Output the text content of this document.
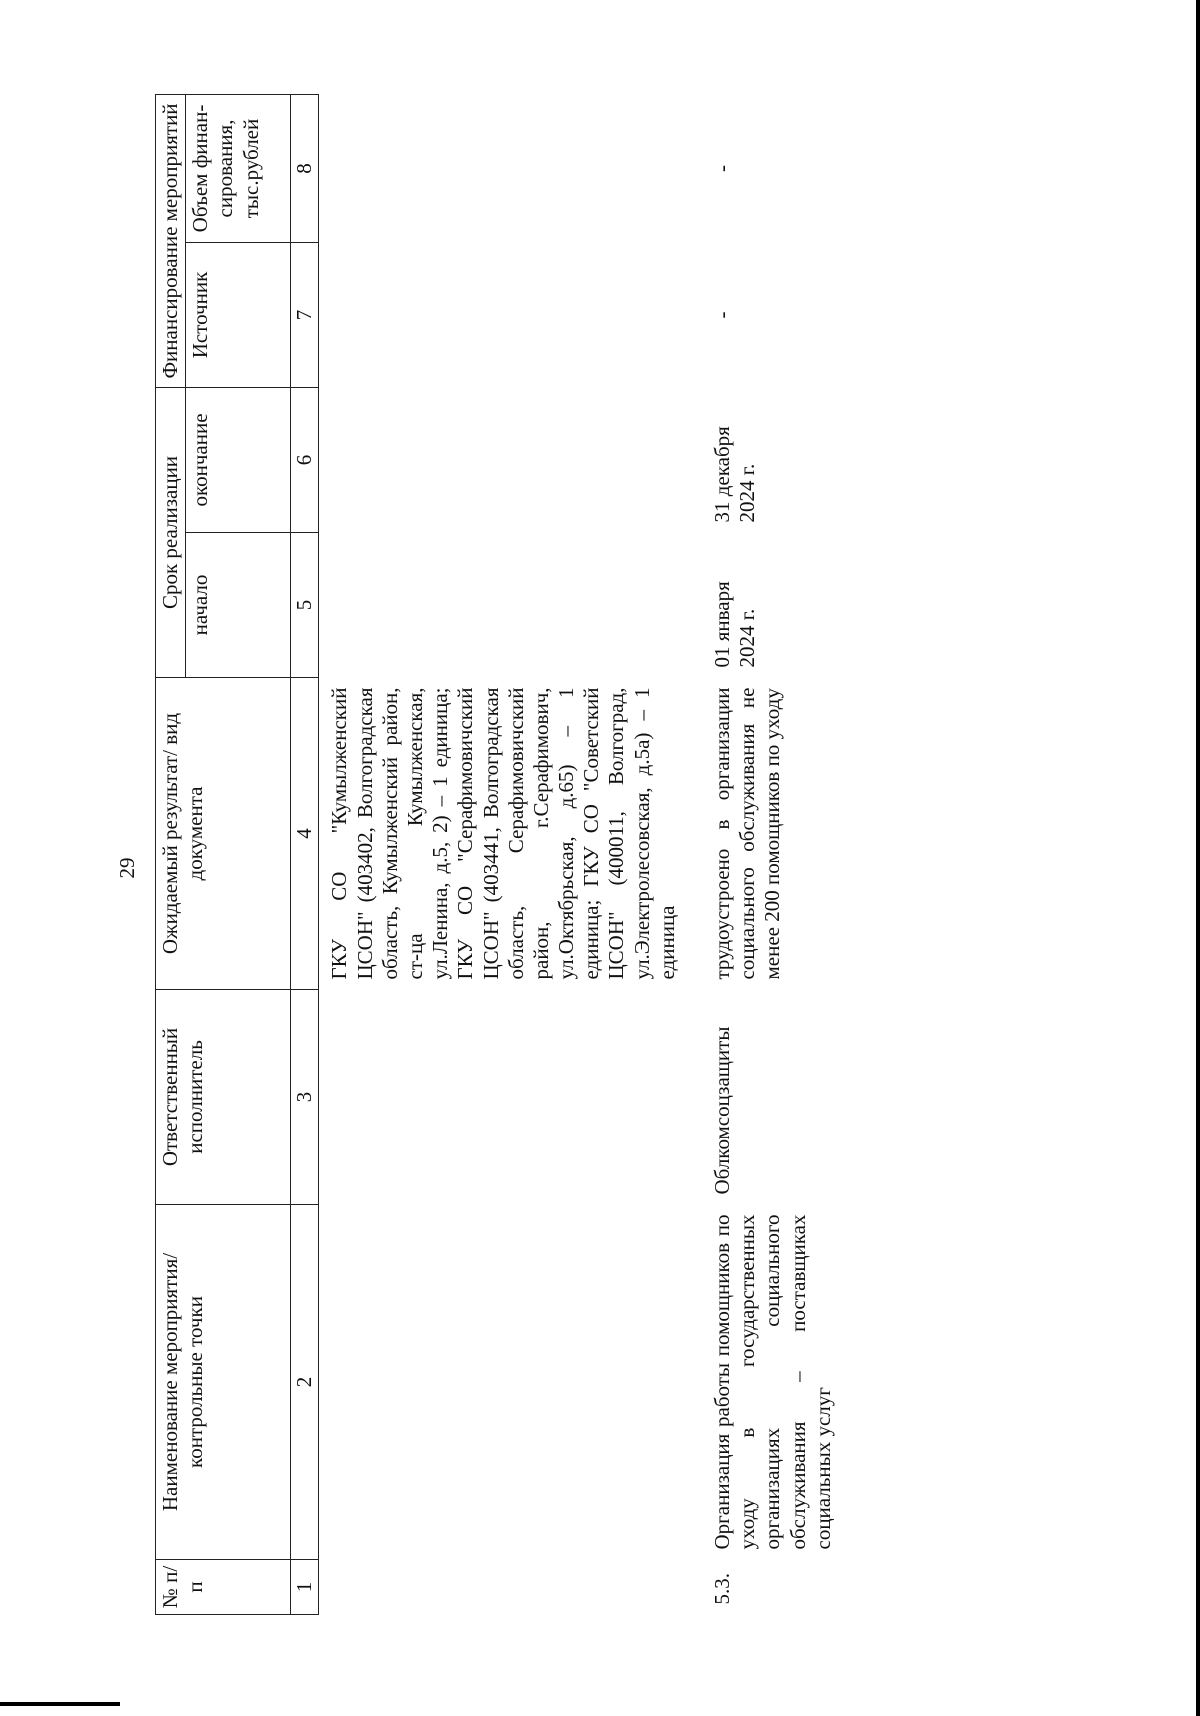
29
№ п/п	Наименование мероприятия/ контрольные точки	Ответственный исполнитель	Ожидаемый результат/ вид документа	Срок реализации		Финансирование мероприятий	
				начало	окончание	Источник	Объем финан-сирования, тыс.рублей
1	2	3	4	5	6	7	8
			ГКУ СО "Кумылженский ЦСОН" (403402, Волгоградская область, Кумылженский район, ст-ца Кумылженская, ул.Ленина, д.5, 2) – 1 единица; ГКУ СО "Серафимовичский ЦСОН" (403441, Волгоградская область, Серафимовичский район, г.Серафимович, ул.Октябрьская, д.65) – 1 единица; ГКУ СО "Советский ЦСОН" (400011, Волгоград, ул.Электролесовская, д.5а) – 1 единица				
5.3.	Организация работы помощников по уходу в государственных организациях социального обслуживания – поставщиках социальных услуг	Облкомсоцзащиты	трудоустроено в организации социального обслуживания не менее 200 помощников по уходу	01 января 2024 г.	31 декабря 2024 г.	-	-
